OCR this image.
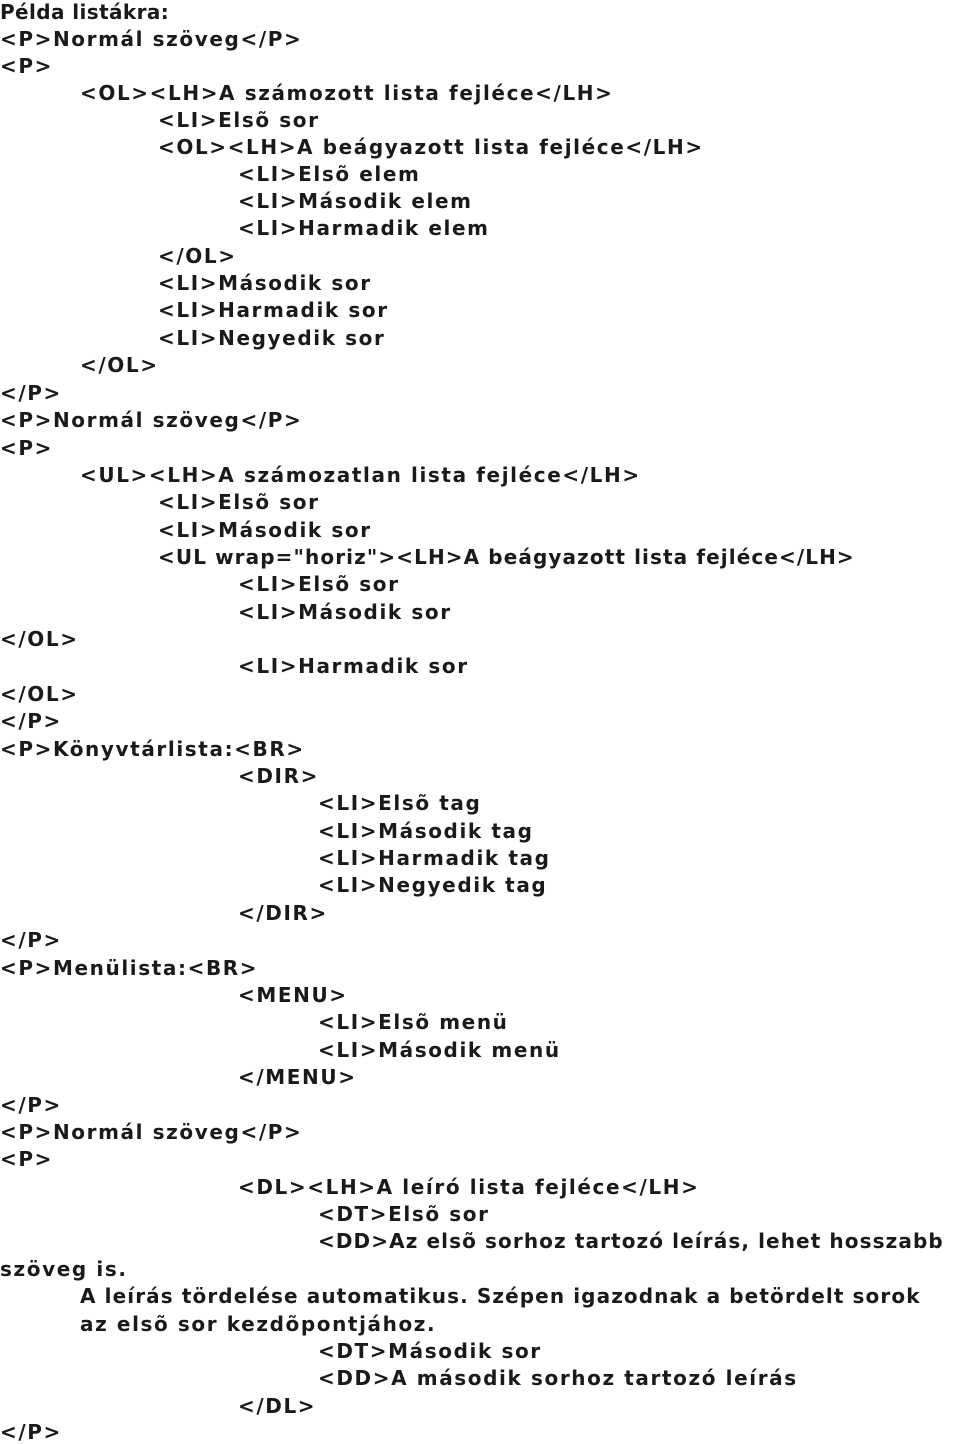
Példa listákra:
<P>Normál szöveg</P>
<P>
<OL><LH>A számozott lista fejléce</LH>
<LI>Elsõ sor
<OL><LH>A beágyazott lista fejléce</LH>
<LI>Elsõ elem
<LI>Második elem
<LI>Harmadik elem
</OL>
<LI>Második sor
<LI>Harmadik sor
<LI>Negyedik sor
</OL>
</P>
<P>Normál szöveg</P>
<P>
<UL><LH>A számozatlan lista fejléce</LH>
<LI>Elsõ sor
<LI>Második sor
<UL wrap="horiz"><LH>A beágyazott lista fejléce</LH>
<LI>Elsõ sor
<LI>Második sor
</OL>
<LI>Harmadik sor
</OL>
</P>
<P>Könyvtárlista:<BR>
<DIR>
<LI>Elsõ tag
<LI>Második tag
<LI>Harmadik tag
<LI>Negyedik tag
</DIR>
</P>
<P>Menülista:<BR>
<MENU>
<LI>Elsõ menü
<LI>Második menü
</MENU>
</P>
<P>Normál szöveg</P>
<P>
<DL><LH>A leíró lista fejléce</LH>
<DT>Elsõ sor
<DD>Az elsõ sorhoz tartozó leírás, lehet hosszabb
szöveg is.
A leírás tördelése automatikus. Szépen igazodnak a betördelt sorok
az elsõ sor kezdõpontjához.
<DT>Második sor
<DD>A második sorhoz tartozó leírás
</DL>
</P>
